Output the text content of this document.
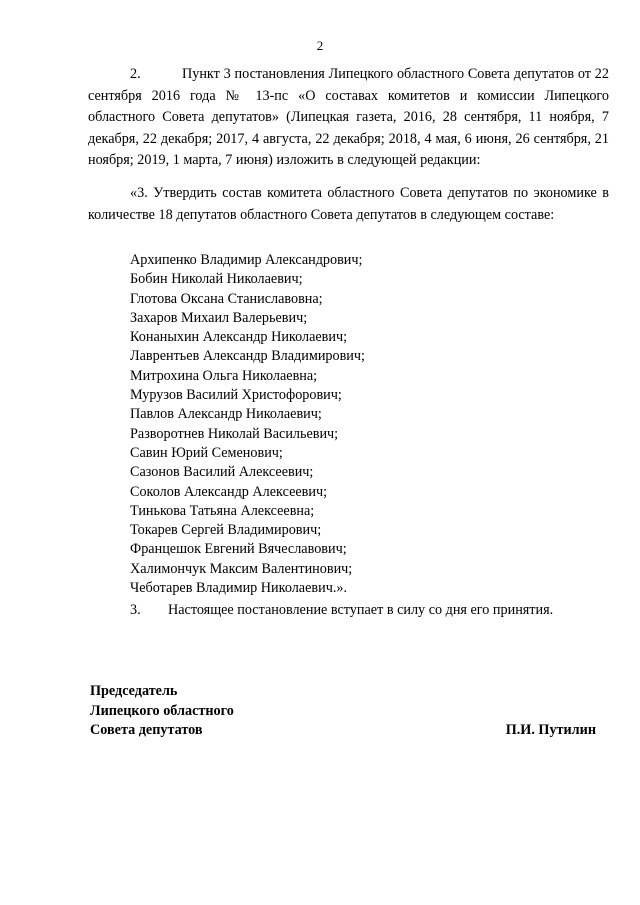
2

2.	Пункт 3 постановления Липецкого областного Совета депутатов от 22 сентября 2016 года № 13-пс «О составах комитетов и комиссии Липецкого областного Совета депутатов» (Липецкая газета, 2016, 28 сентября, 11 ноября, 7 декабря, 22 декабря; 2017, 4 августа, 22 декабря; 2018, 4 мая, 6 июня, 26 сентября, 21 ноября; 2019, 1 марта, 7 июня) изложить в следующей редакции:

«3. Утвердить состав комитета областного Совета депутатов по экономике в количестве 18 депутатов областного Совета депутатов в следующем составе:

Архипенко Владимир Александрович;
Бобин Николай Николаевич;
Глотова Оксана Станиславовна;
Захаров Михаил Валерьевич;
Конаныхин Александр Николаевич;
Лаврентьев Александр Владимирович;
Митрохина Ольга Николаевна;
Мурузов Василий Христофорович;
Павлов Александр Николаевич;
Разворотнев Николай Васильевич;
Савин Юрий Семенович;
Сазонов Василий Алексеевич;
Соколов Александр Алексеевич;
Тинькова Татьяна Алексеевна;
Токарев Сергей Владимирович;
Францешок Евгений Вячеславович;
Халимончук Максим Валентинович;
Чеботарев Владимир Николаевич.».
3. Настоящее постановление вступает в силу со дня его принятия.
Председатель
Липецкого областного
Совета депутатов	П.И. Путилин
